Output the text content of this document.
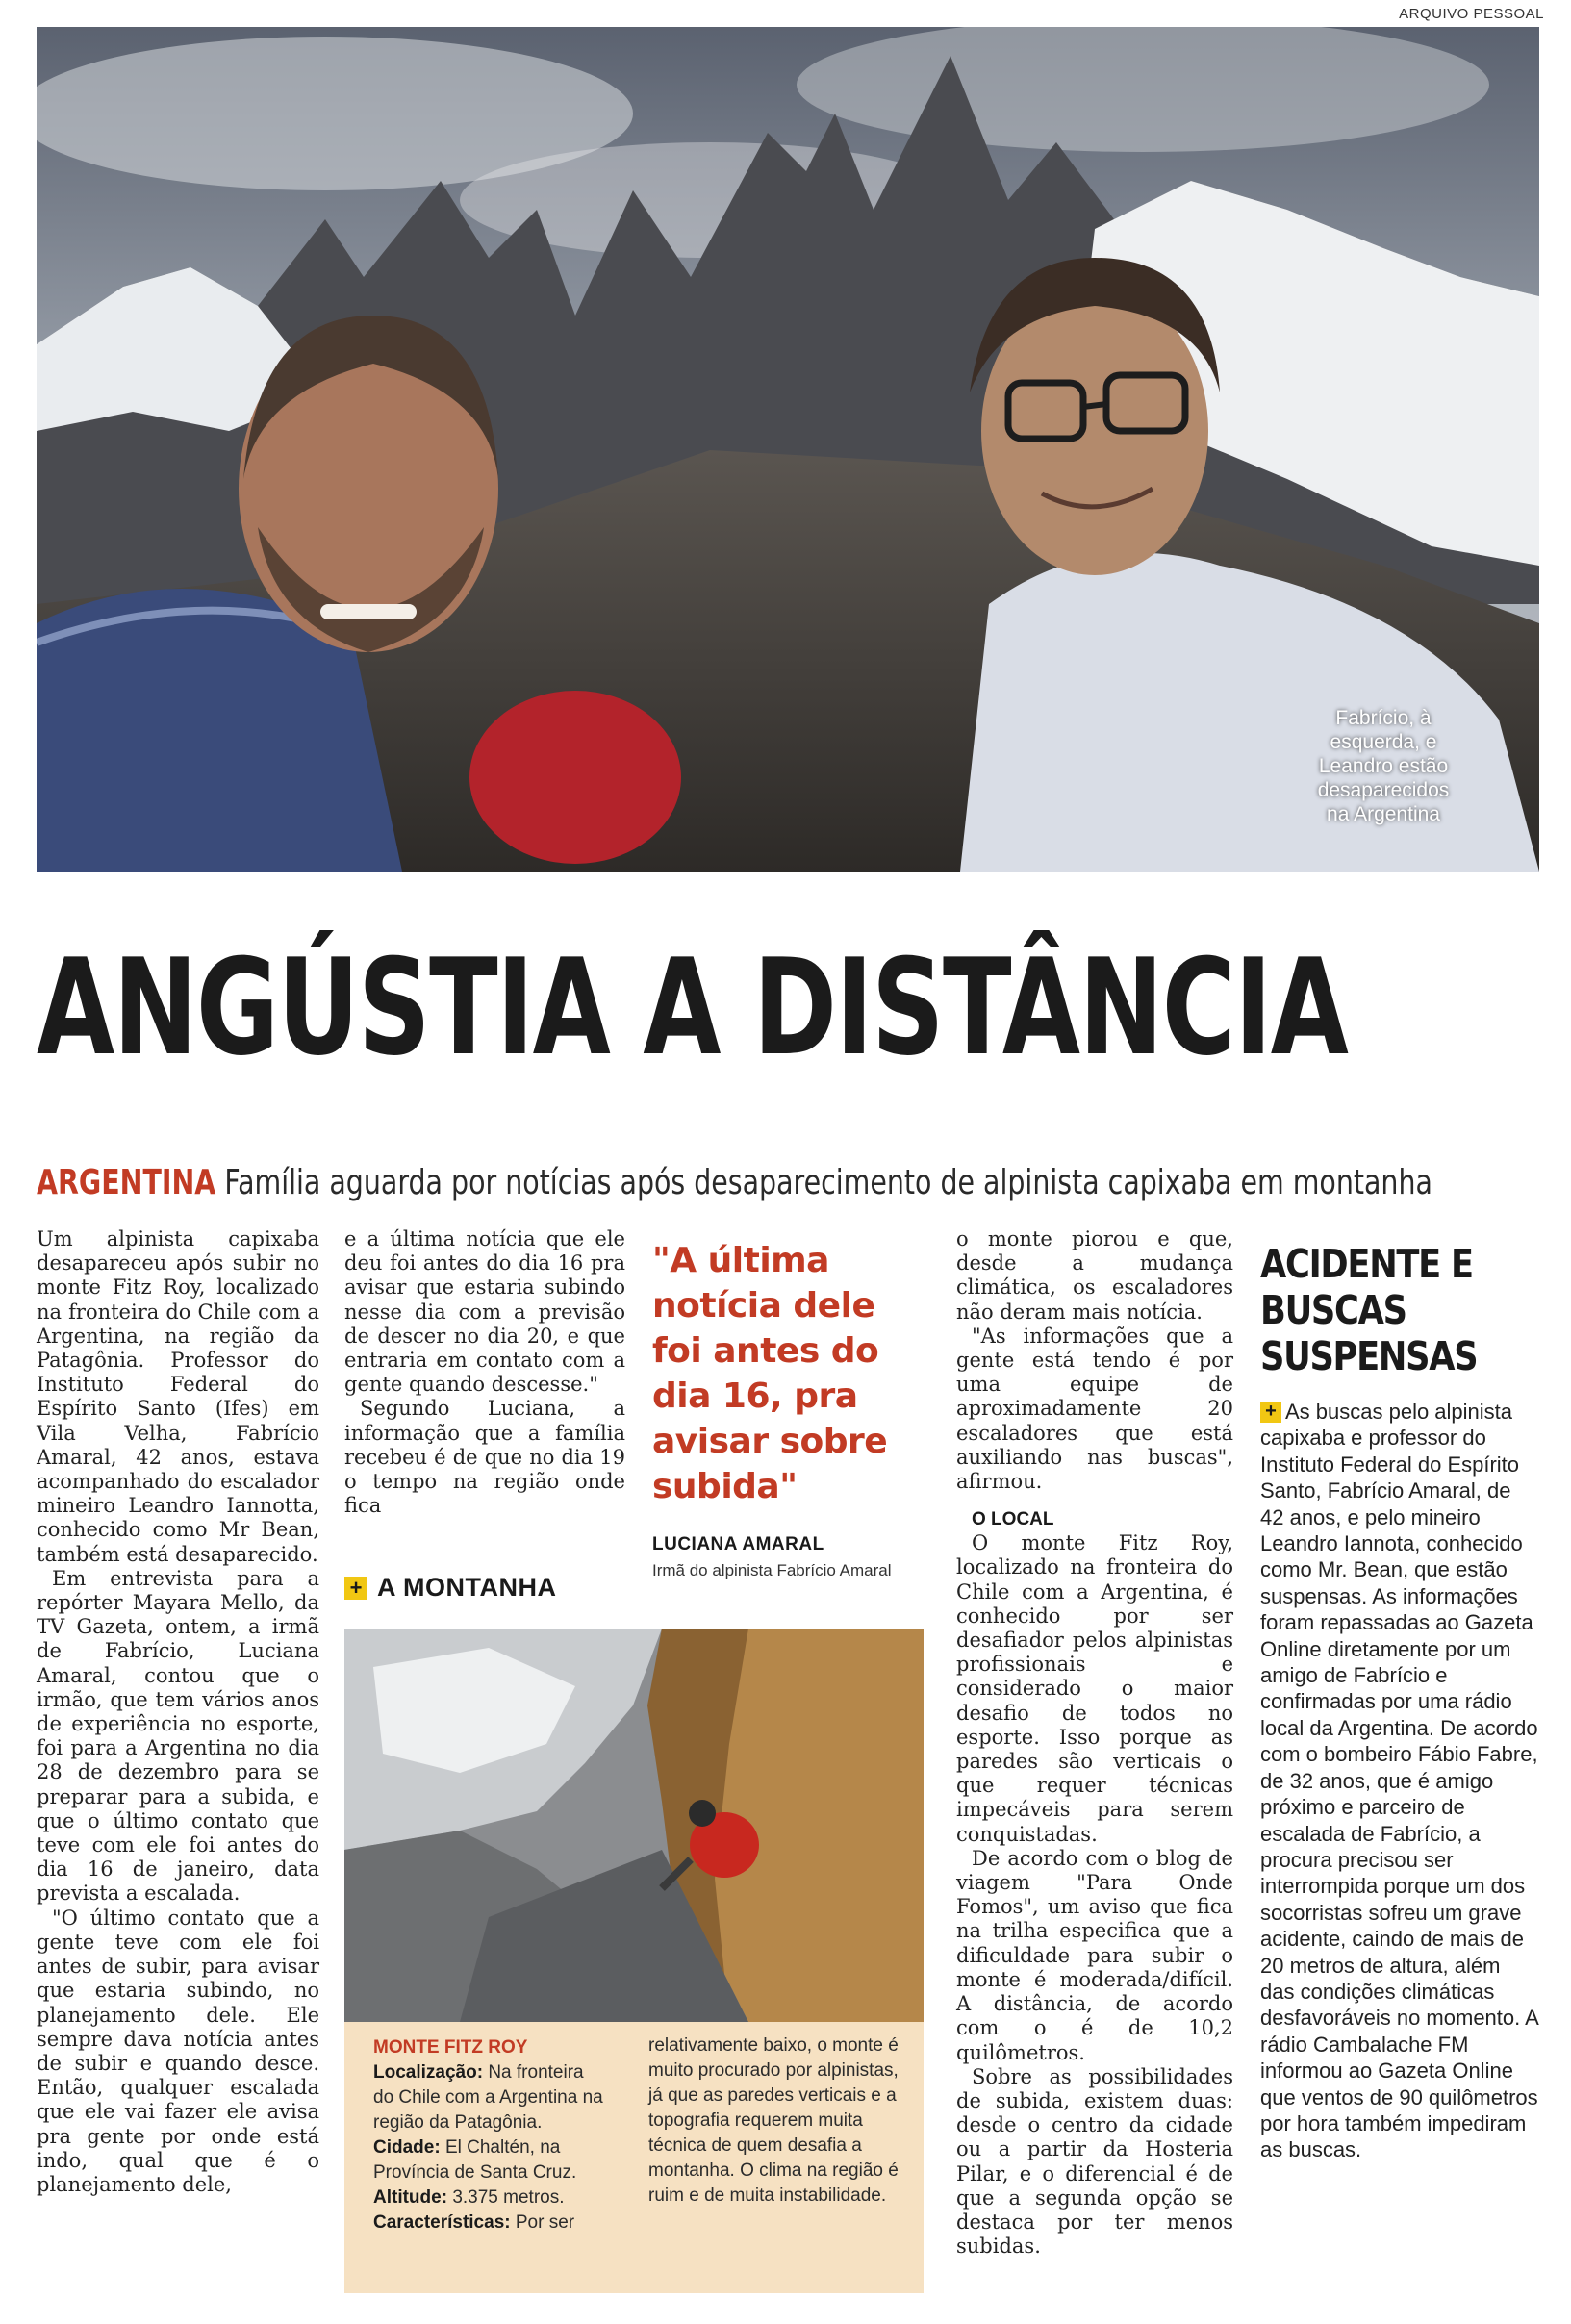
ARQUIVO PESSOAL
Fabrício, à esquerda, e Leandro estão desaparecidos na Argentina
ANGÚSTIA A DISTÂNCIA
ARGENTINA Família aguarda por notícias após desaparecimento de alpinista capixaba em montanha

Um alpinista capixaba desapareceu após subir no monte Fitz Roy, localizado na fronteira do Chile com a Argentina, na região da Patagônia. Professor do Instituto Federal do Espírito Santo (Ifes) em Vila Velha, Fabrício Amaral, 42 anos, estava acompanhado do escalador mineiro Leandro Iannotta, conhecido como Mr Bean, também está desaparecido.

Em entrevista para a repórter Mayara Mello, da TV Gazeta, ontem, a irmã de Fabrício, Luciana Amaral, contou que o irmão, que tem vários anos de experiência no esporte, foi para a Argentina no dia 28 de dezembro para se preparar para a subida, e que o último contato que teve com ele foi antes do dia 16 de janeiro, data prevista a escalada.

"O último contato que a gente teve com ele foi antes de subir, para avisar que estaria subindo, no planejamento dele. Ele sempre dava notícia antes de subir e quando desce. Então, qualquer escalada que ele vai fazer ele avisa pra gente por onde está indo, qual que é o planejamento dele,

e a última notícia que ele deu foi antes do dia 16 pra avisar que estaria subindo nesse dia com a previsão de descer no dia 20, e que entraria em contato com a gente quando descesse."

Segundo Luciana, a informação que a família recebeu é de que no dia 19 o tempo na região onde fica

"A última notícia dele foi antes do dia 16, pra avisar sobre subida"
LUCIANA AMARAL
Irmã do alpinista Fabrício Amaral
+ A MONTANHA
MONTE FITZ ROY
Localização: Na fronteira do Chile com a Argentina na região da Patagônia.
Cidade: El Chaltén, na Província de Santa Cruz.
Altitude: 3.375 metros.
Características: Por ser
relativamente baixo, o monte é muito procurado por alpinistas, já que as paredes verticais e a topografia requerem muita técnica de quem desafia a montanha. O clima na região é ruim e de muita instabilidade.

o monte piorou e que, desde a mudança climática, os escaladores não deram mais notícia.

"As informações que a gente está tendo é por uma equipe de aproximadamente 20 escaladores que está auxiliando nas buscas", afirmou.

O LOCAL

O monte Fitz Roy, localizado na fronteira do Chile com a Argentina, é conhecido por ser desafiador pelos alpinistas profissionais e considerado o maior desafio de todos no esporte. Isso porque as paredes são verticais o que requer técnicas impecáveis para serem conquistadas.

De acordo com o blog de viagem "Para Onde Fomos", um aviso que fica na trilha especifica que a dificuldade para subir o monte é moderada/difícil. A distância, de acordo com o é de 10,2 quilômetros.

Sobre as possibilidades de subida, existem duas: desde o centro da cidade ou a partir da Hosteria Pilar, e o diferencial é de que a segunda opção se destaca por ter menos subidas.

ACIDENTE E BUSCAS SUSPENSAS
+ As buscas pelo alpinista capixaba e professor do Instituto Federal do Espírito Santo, Fabrício Amaral, de 42 anos, e pelo mineiro Leandro Iannota, conhecido como Mr. Bean, que estão suspensas. As informações foram repassadas ao Gazeta Online diretamente por um amigo de Fabrício e confirmadas por uma rádio local da Argentina. De acordo com o bombeiro Fábio Fabre, de 32 anos, que é amigo próximo e parceiro de escalada de Fabrício, a procura precisou ser interrompida porque um dos socorristas sofreu um grave acidente, caindo de mais de 20 metros de altura, além das condições climáticas desfavoráveis no momento. A rádio Cambalache FM informou ao Gazeta Online que ventos de 90 quilômetros por hora também impediram as buscas.
